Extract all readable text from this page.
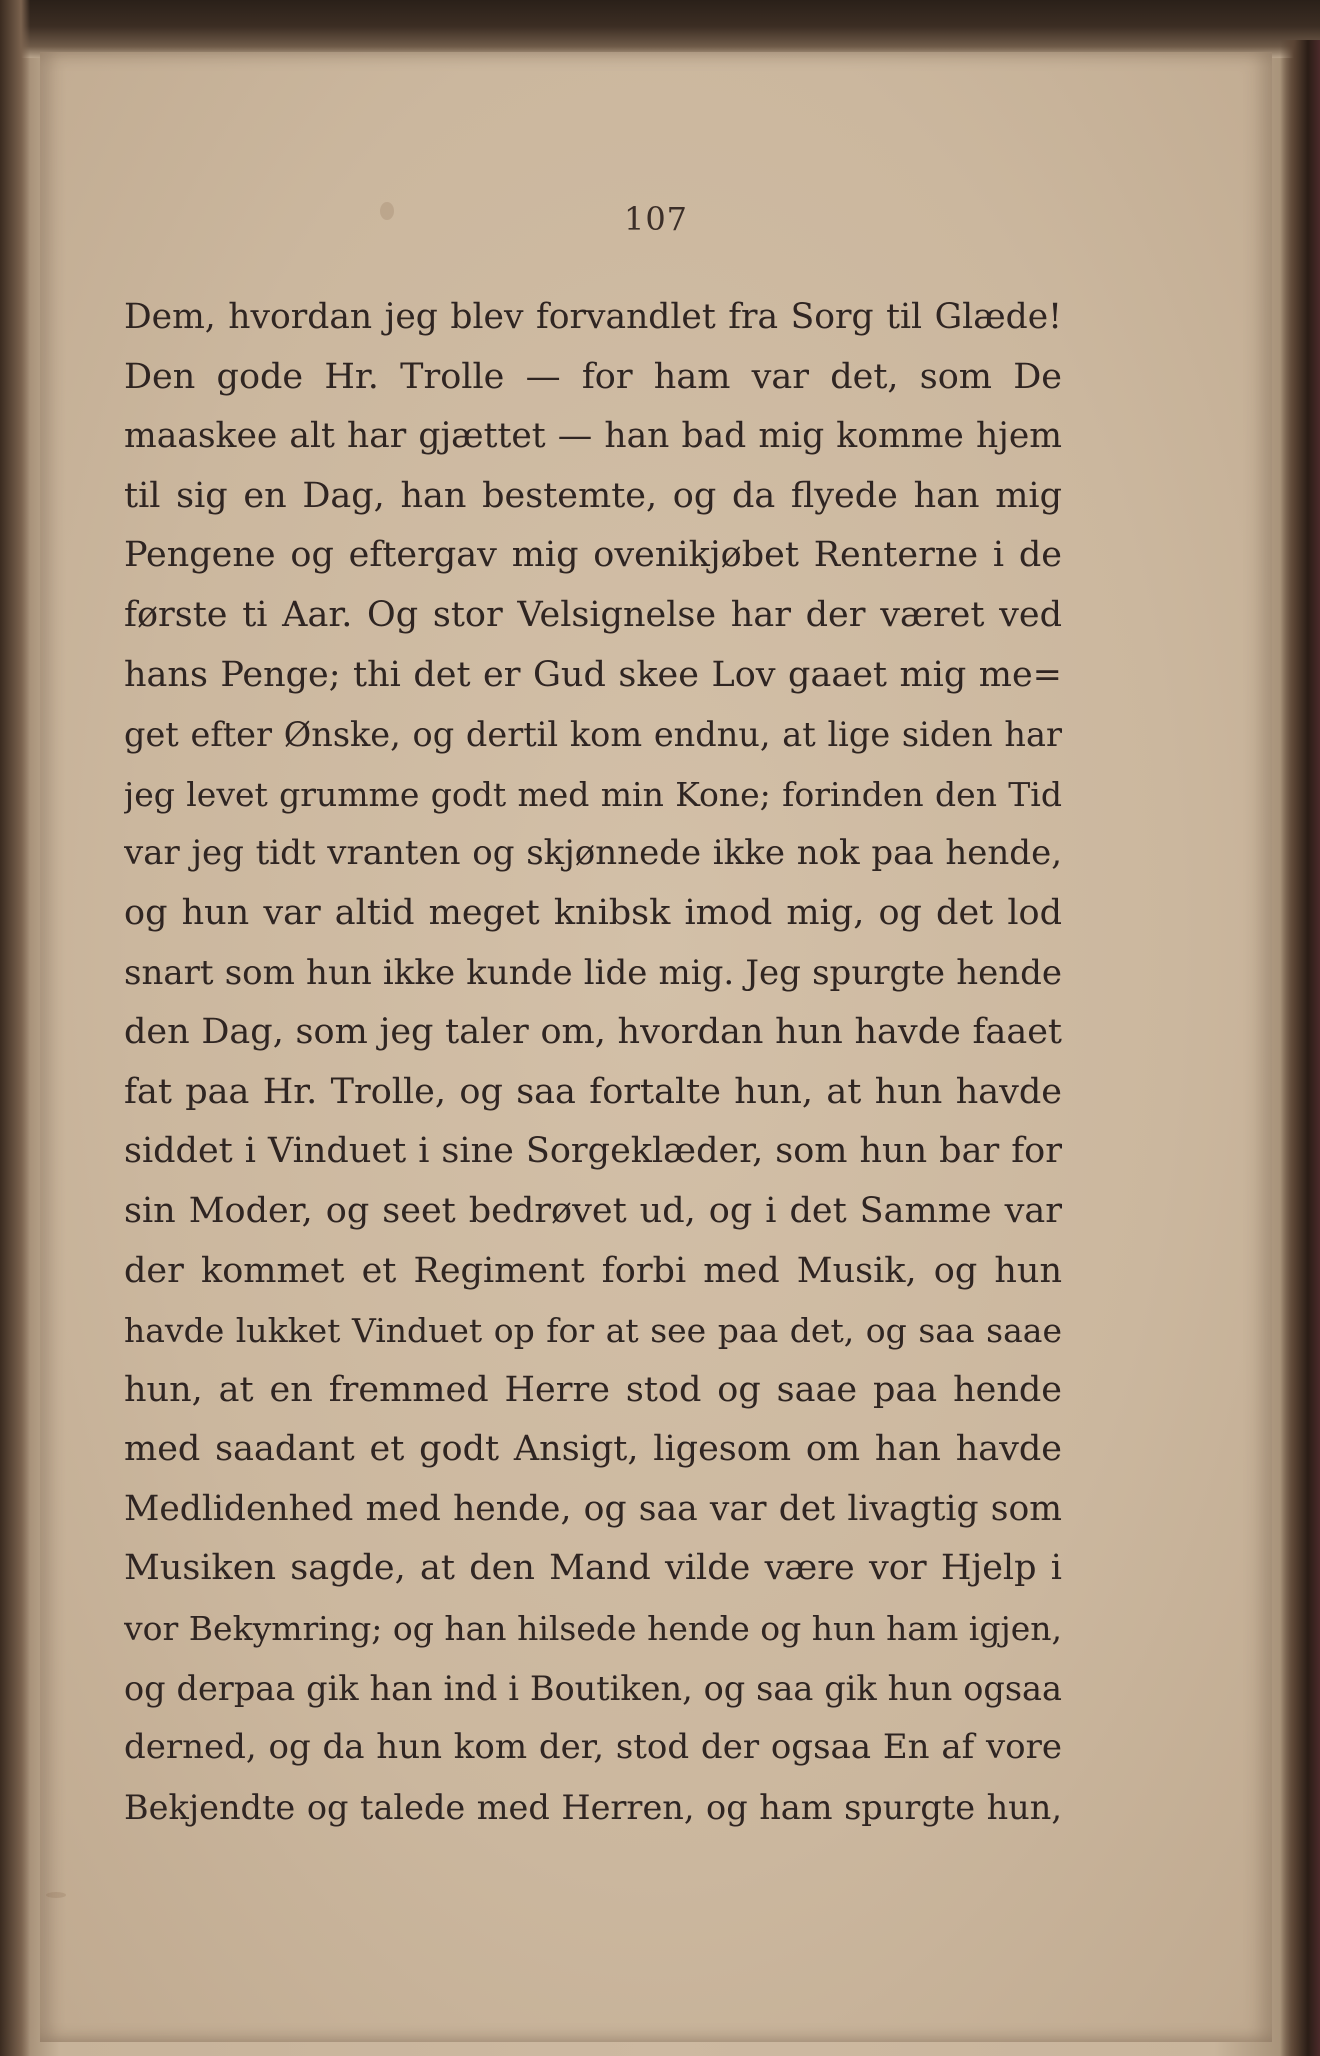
107
Dem, hvordan jeg blev forvandlet fra Sorg til Glæde!
Den gode Hr. Trolle — for ham var det, som De
maaskee alt har gjættet — han bad mig komme hjem
til sig en Dag, han bestemte, og da flyede han mig
Pengene og eftergav mig ovenikjøbet Renterne i de
første ti Aar. Og stor Velsignelse har der været ved
hans Penge; thi det er Gud skee Lov gaaet mig me=
get efter Ønske, og dertil kom endnu, at lige siden har
jeg levet grumme godt med min Kone; forinden den Tid
var jeg tidt vranten og skjønnede ikke nok paa hende,
og hun var altid meget knibsk imod mig, og det lod
snart som hun ikke kunde lide mig. Jeg spurgte hende
den Dag, som jeg taler om, hvordan hun havde faaet
fat paa Hr. Trolle, og saa fortalte hun, at hun havde
siddet i Vinduet i sine Sorgeklæder, som hun bar for
sin Moder, og seet bedrøvet ud, og i det Samme var
der kommet et Regiment forbi med Musik, og hun
havde lukket Vinduet op for at see paa det, og saa saae
hun, at en fremmed Herre stod og saae paa hende
med saadant et godt Ansigt, ligesom om han havde
Medlidenhed med hende, og saa var det livagtig som
Musiken sagde, at den Mand vilde være vor Hjelp i
vor Bekymring; og han hilsede hende og hun ham igjen,
og derpaa gik han ind i Boutiken, og saa gik hun ogsaa
derned, og da hun kom der, stod der ogsaa En af vore
Bekjendte og talede med Herren, og ham spurgte hun,
